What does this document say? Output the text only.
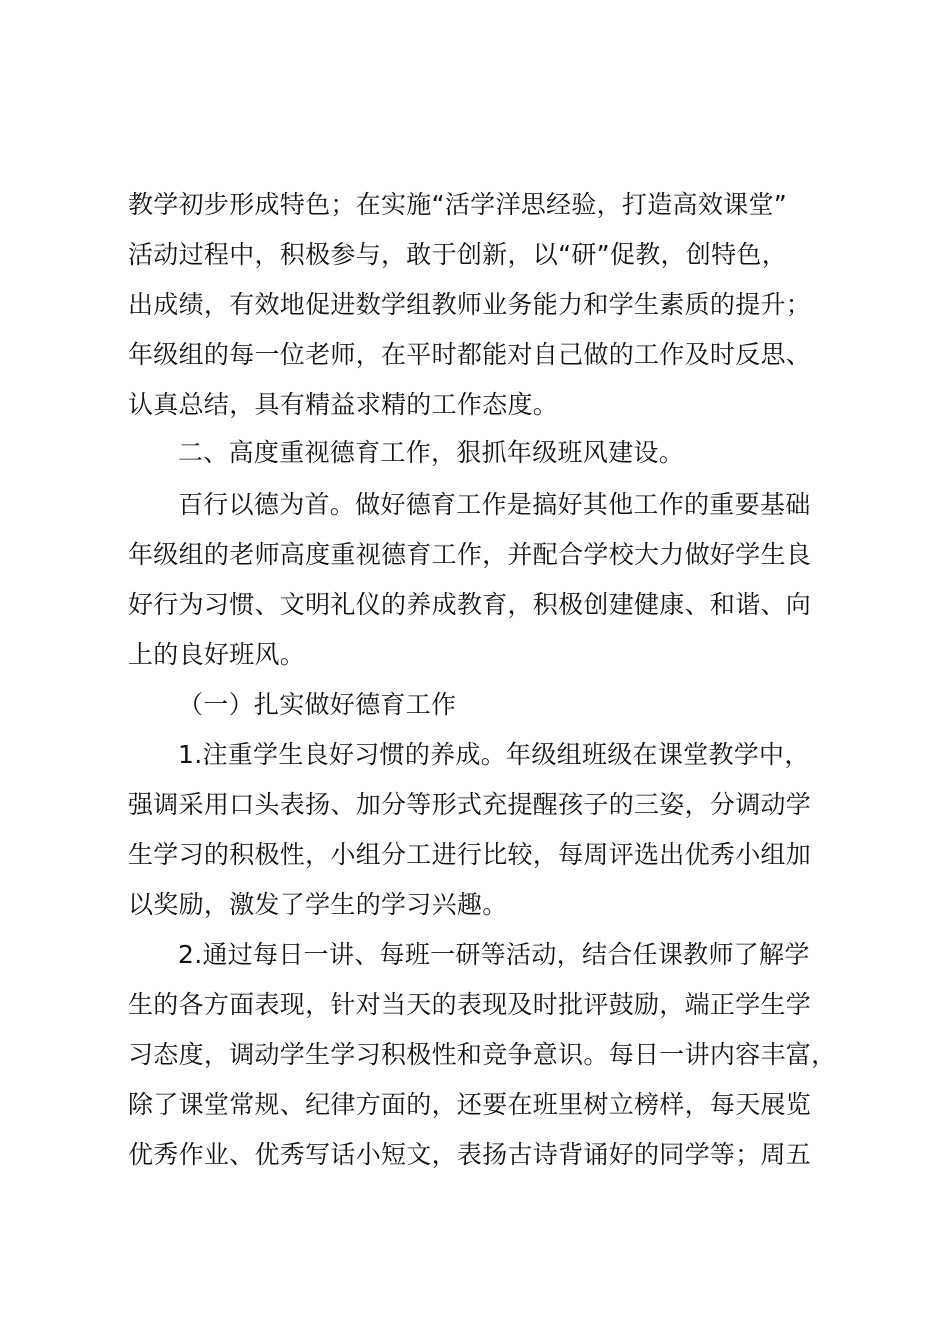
教学初步形成特色；在实施“活学洋思经验，打造高效课堂”
活动过程中，积极参与，敢于创新，以“研”促教，创特色，
出成绩，有效地促进数学组教师业务能力和学生素质的提升；
年级组的每一位老师，在平时都能对自己做的工作及时反思、
认真总结，具有精益求精的工作态度。
二、高度重视德育工作，狠抓年级班风建设。
百行以德为首。做好德育工作是搞好其他工作的重要基础
年级组的老师高度重视德育工作，并配合学校大力做好学生良
好行为习惯、文明礼仪的养成教育，积极创建健康、和谐、向
上的良好班风。
（一）扎实做好德育工作
1.注重学生良好习惯的养成。年级组班级在课堂教学中，
强调采用口头表扬、加分等形式充提醒孩子的三姿，分调动学
生学习的积极性，小组分工进行比较，每周评选出优秀小组加
以奖励，激发了学生的学习兴趣。
2.通过每日一讲、每班一研等活动，结合任课教师了解学
生的各方面表现，针对当天的表现及时批评鼓励，端正学生学
习态度，调动学生学习积极性和竞争意识。每日一讲内容丰富，
除了课堂常规、纪律方面的，还要在班里树立榜样，每天展览
优秀作业、优秀写话小短文，表扬古诗背诵好的同学等；周五
